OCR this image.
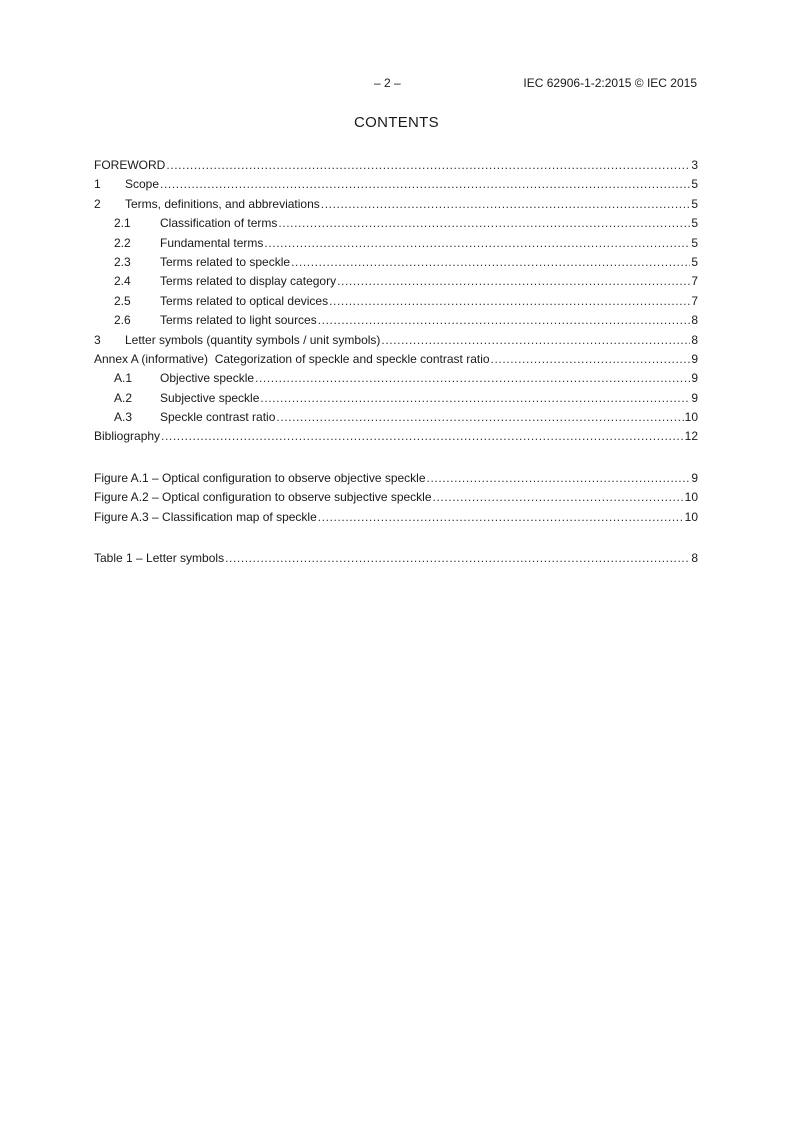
– 2 –	IEC 62906-1-2:2015 © IEC 2015
CONTENTS
FOREWORD .....	3
1	Scope .....	5
2	Terms, definitions, and abbreviations .....	5
2.1	Classification of terms .....	5
2.2	Fundamental terms .....	5
2.3	Terms related to speckle .....	5
2.4	Terms related to display category .....	7
2.5	Terms related to optical devices .....	7
2.6	Terms related to light sources .....	8
3	Letter symbols (quantity symbols / unit symbols) .....	8
Annex A (informative)  Categorization of speckle and speckle contrast ratio .....	9
A.1	Objective speckle .....	9
A.2	Subjective speckle .....	9
A.3	Speckle contrast ratio .....	10
Bibliography .....	12
Figure A.1 – Optical configuration to observe objective speckle .....	9
Figure A.2 – Optical configuration to observe subjective speckle .....	10
Figure A.3 – Classification map of speckle .....	10
Table 1 – Letter symbols .....	8
